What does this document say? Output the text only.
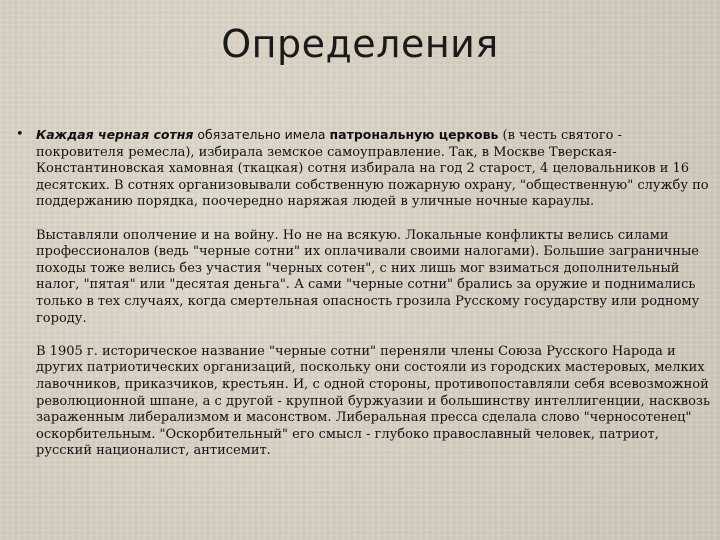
Определения
• Каждая черная сотня обязательно имела патрональную церковь (в честь святого - покровителя ремесла), избирала земское самоуправление. Так, в Москве Тверская-Константиновская хамовная (ткацкая) сотня избирала на год 2 старост, 4 целовальников и 16 десятских. В сотнях организовывали собственную пожарную охрану, "общественную" службу по поддержанию порядка, поочередно наряжая людей в уличные ночные караулы.

Выставляли ополчение и на войну. Но не на всякую. Локальные конфликты велись силами профессионалов (ведь "черные сотни" их оплачивали своими налогами). Большие заграничные походы тоже велись без участия "черных сотен", с них лишь мог взиматься дополнительный налог, "пятая" или "десятая деньга". А сами "черные сотни" брались за оружие и поднимались только в тех случаях, когда смертельная опасность грозила Русскому государству или родному городу.

В 1905 г. историческое название "черные сотни" переняли члены Союза Русского Народа и других патриотических организаций, поскольку они состояли из городских мастеровых, мелких лавочников, приказчиков, крестьян. И, с одной стороны, противопоставляли себя всевозможной революционной шпане, а с другой - крупной буржуазии и большинству интеллигенции, насквозь зараженным либерализмом и масонством. Либеральная пресса сделала слово "черносотенец" оскорбительным. "Оскорбительный" его смысл - глубоко православный человек, патриот, русский националист, антисемит.
